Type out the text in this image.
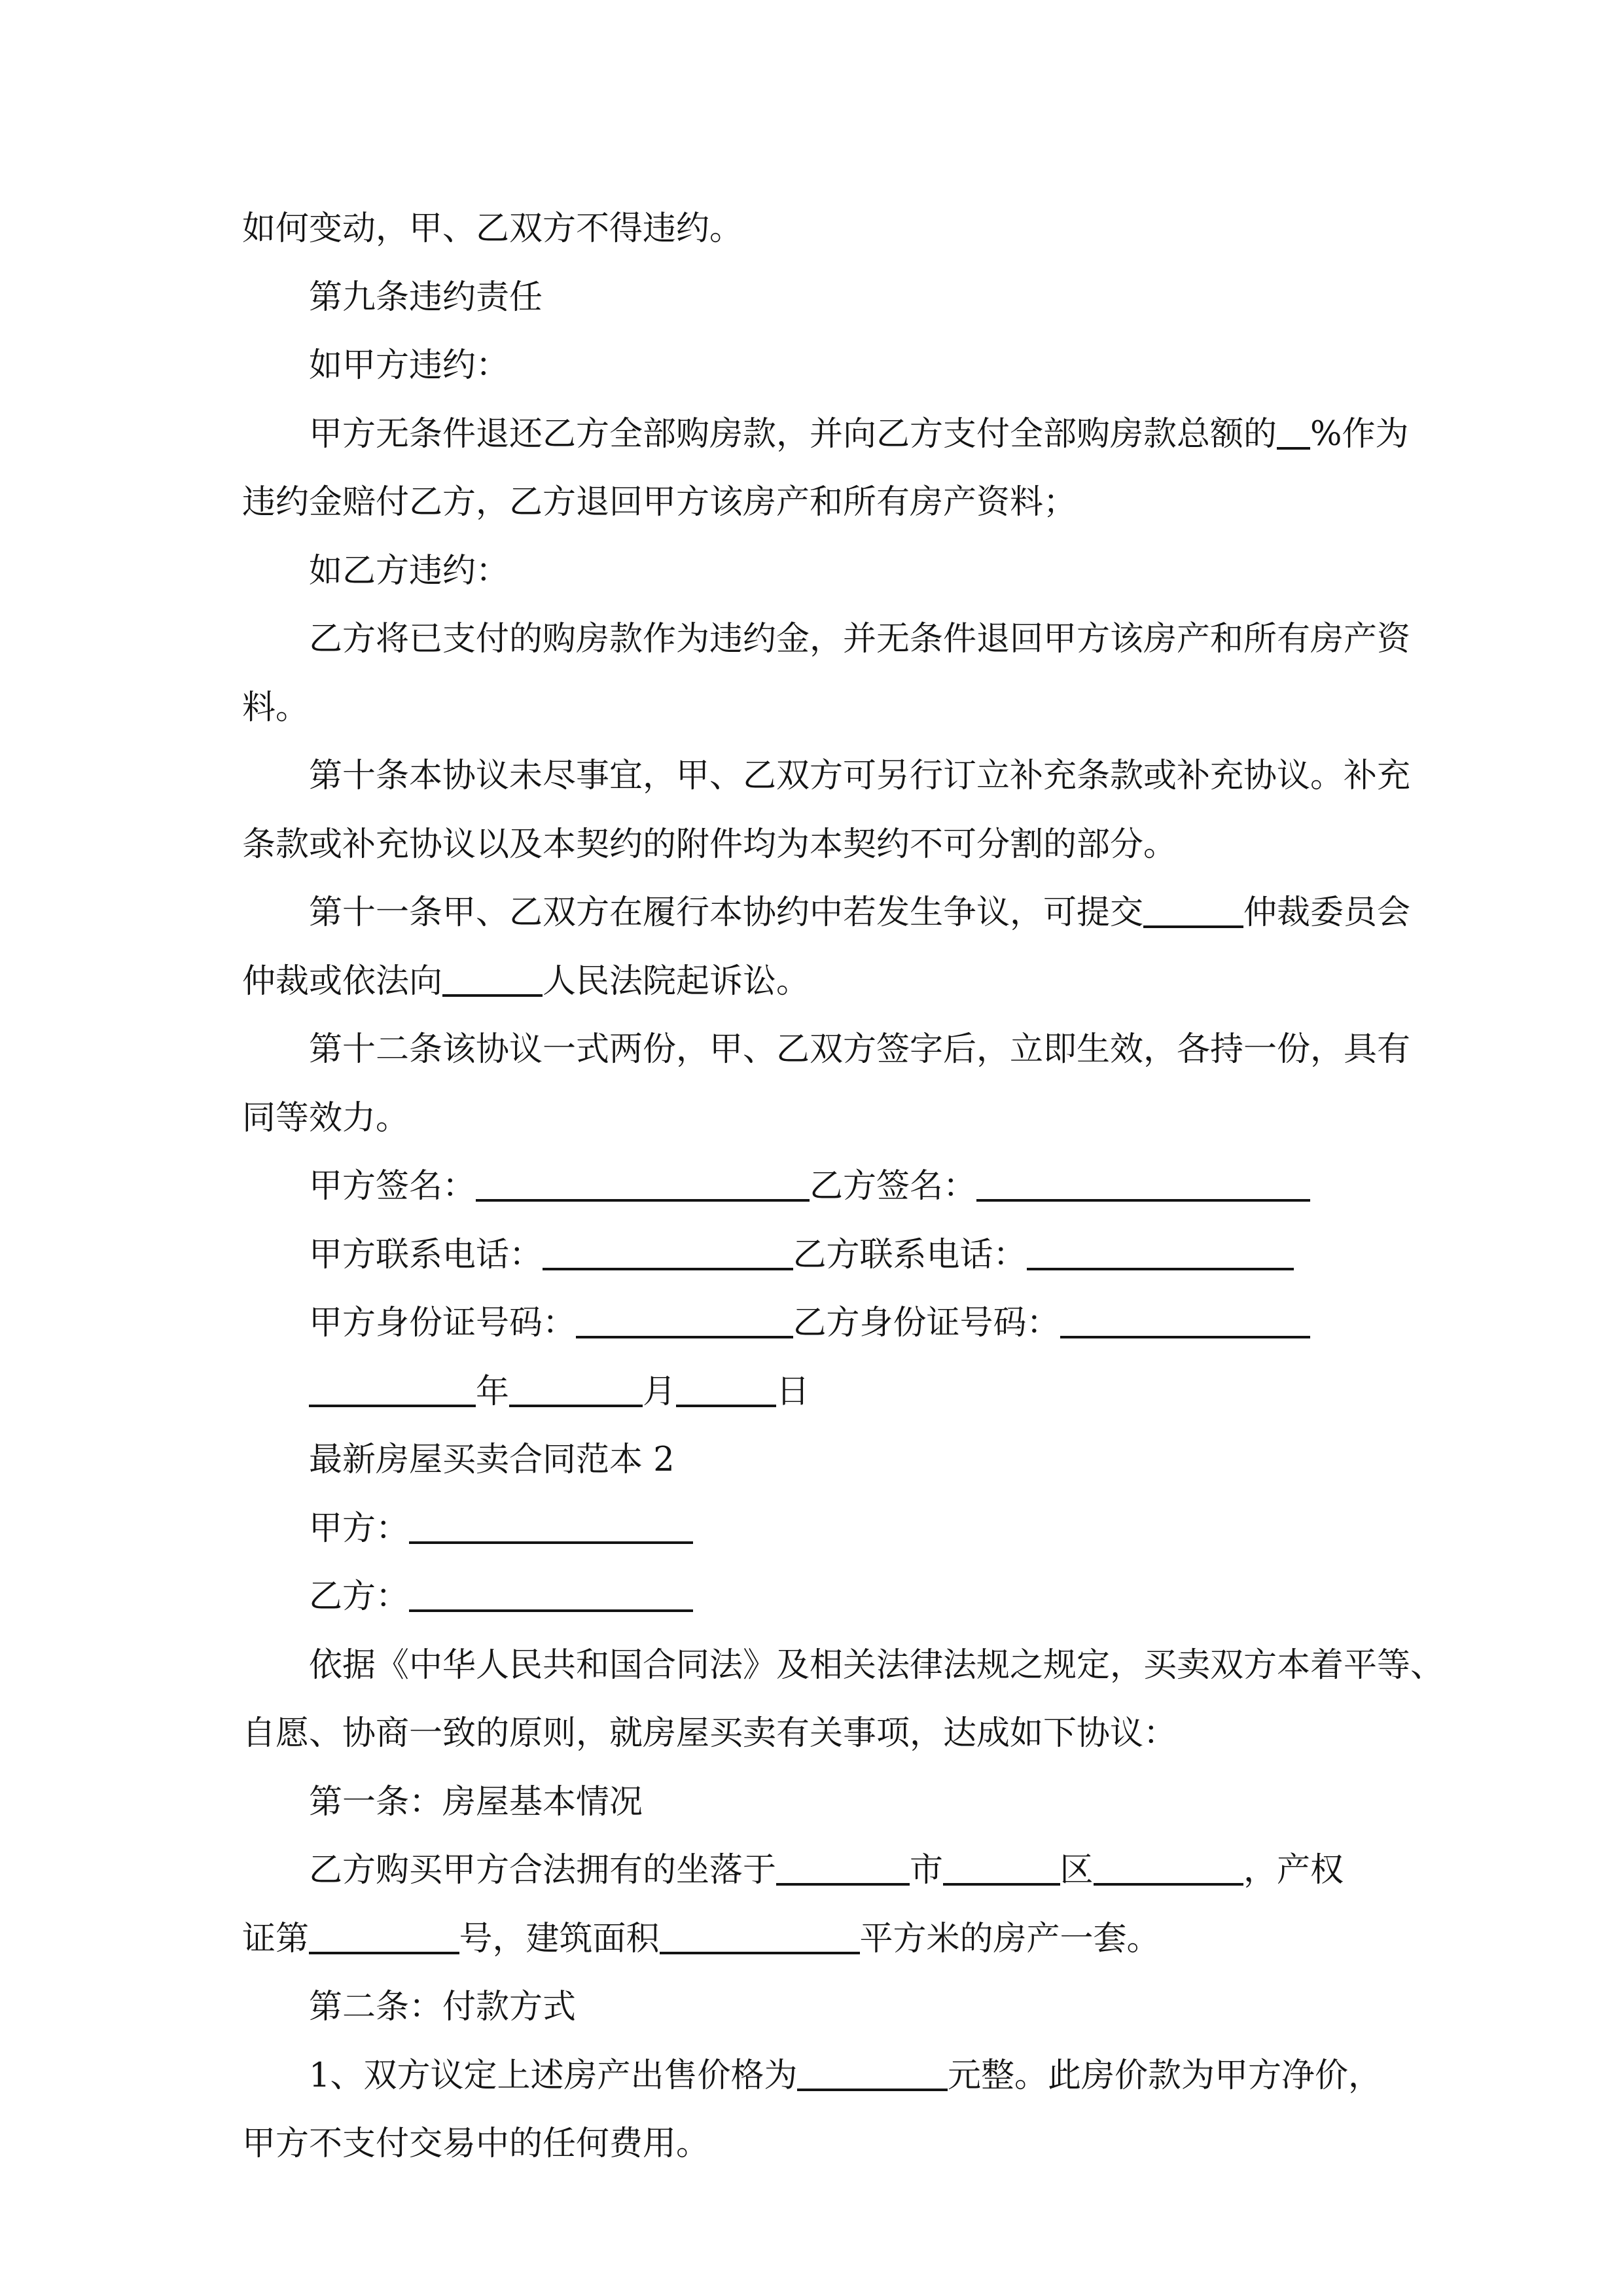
如何变动，甲、乙双方不得违约。
第九条违约责任
如甲方违约：
甲方无条件退还乙方全部购房款，并向乙方支付全部购房款总额的 %作为
违约金赔付乙方，乙方退回甲方该房产和所有房产资料；
如乙方违约：
乙方将已支付的购房款作为违约金，并无条件退回甲方该房产和所有房产资
料。
第十条本协议未尽事宜，甲、乙双方可另行订立补充条款或补充协议。补充
条款或补充协议以及本契约的附件均为本契约不可分割的部分。
第十一条甲、乙双方在履行本协约中若发生争议，可提交	仲裁委员会
仲裁或依法向	人民法院起诉讼。
第十二条该协议一式两份，甲、乙双方签字后，立即生效，各持一份，具有
同等效力。
甲方签名：	乙方签名：
甲方联系电话：	乙方联系电话：
甲方身份证号码：	乙方身份证号码：
年	月	日
最新房屋买卖合同范本 2
甲方：
乙方：
依据《中华人民共和国合同法》及相关法律法规之规定，买卖双方本着平等、
自愿、协商一致的原则，就房屋买卖有关事项，达成如下协议：
第一条：房屋基本情况
乙方购买甲方合法拥有的坐落于	市	区	，产权
证第	号，建筑面积	平方米的房产一套。
第二条：付款方式
1、双方议定上述房产出售价格为	元整。此房价款为甲方净价，
甲方不支付交易中的任何费用。
